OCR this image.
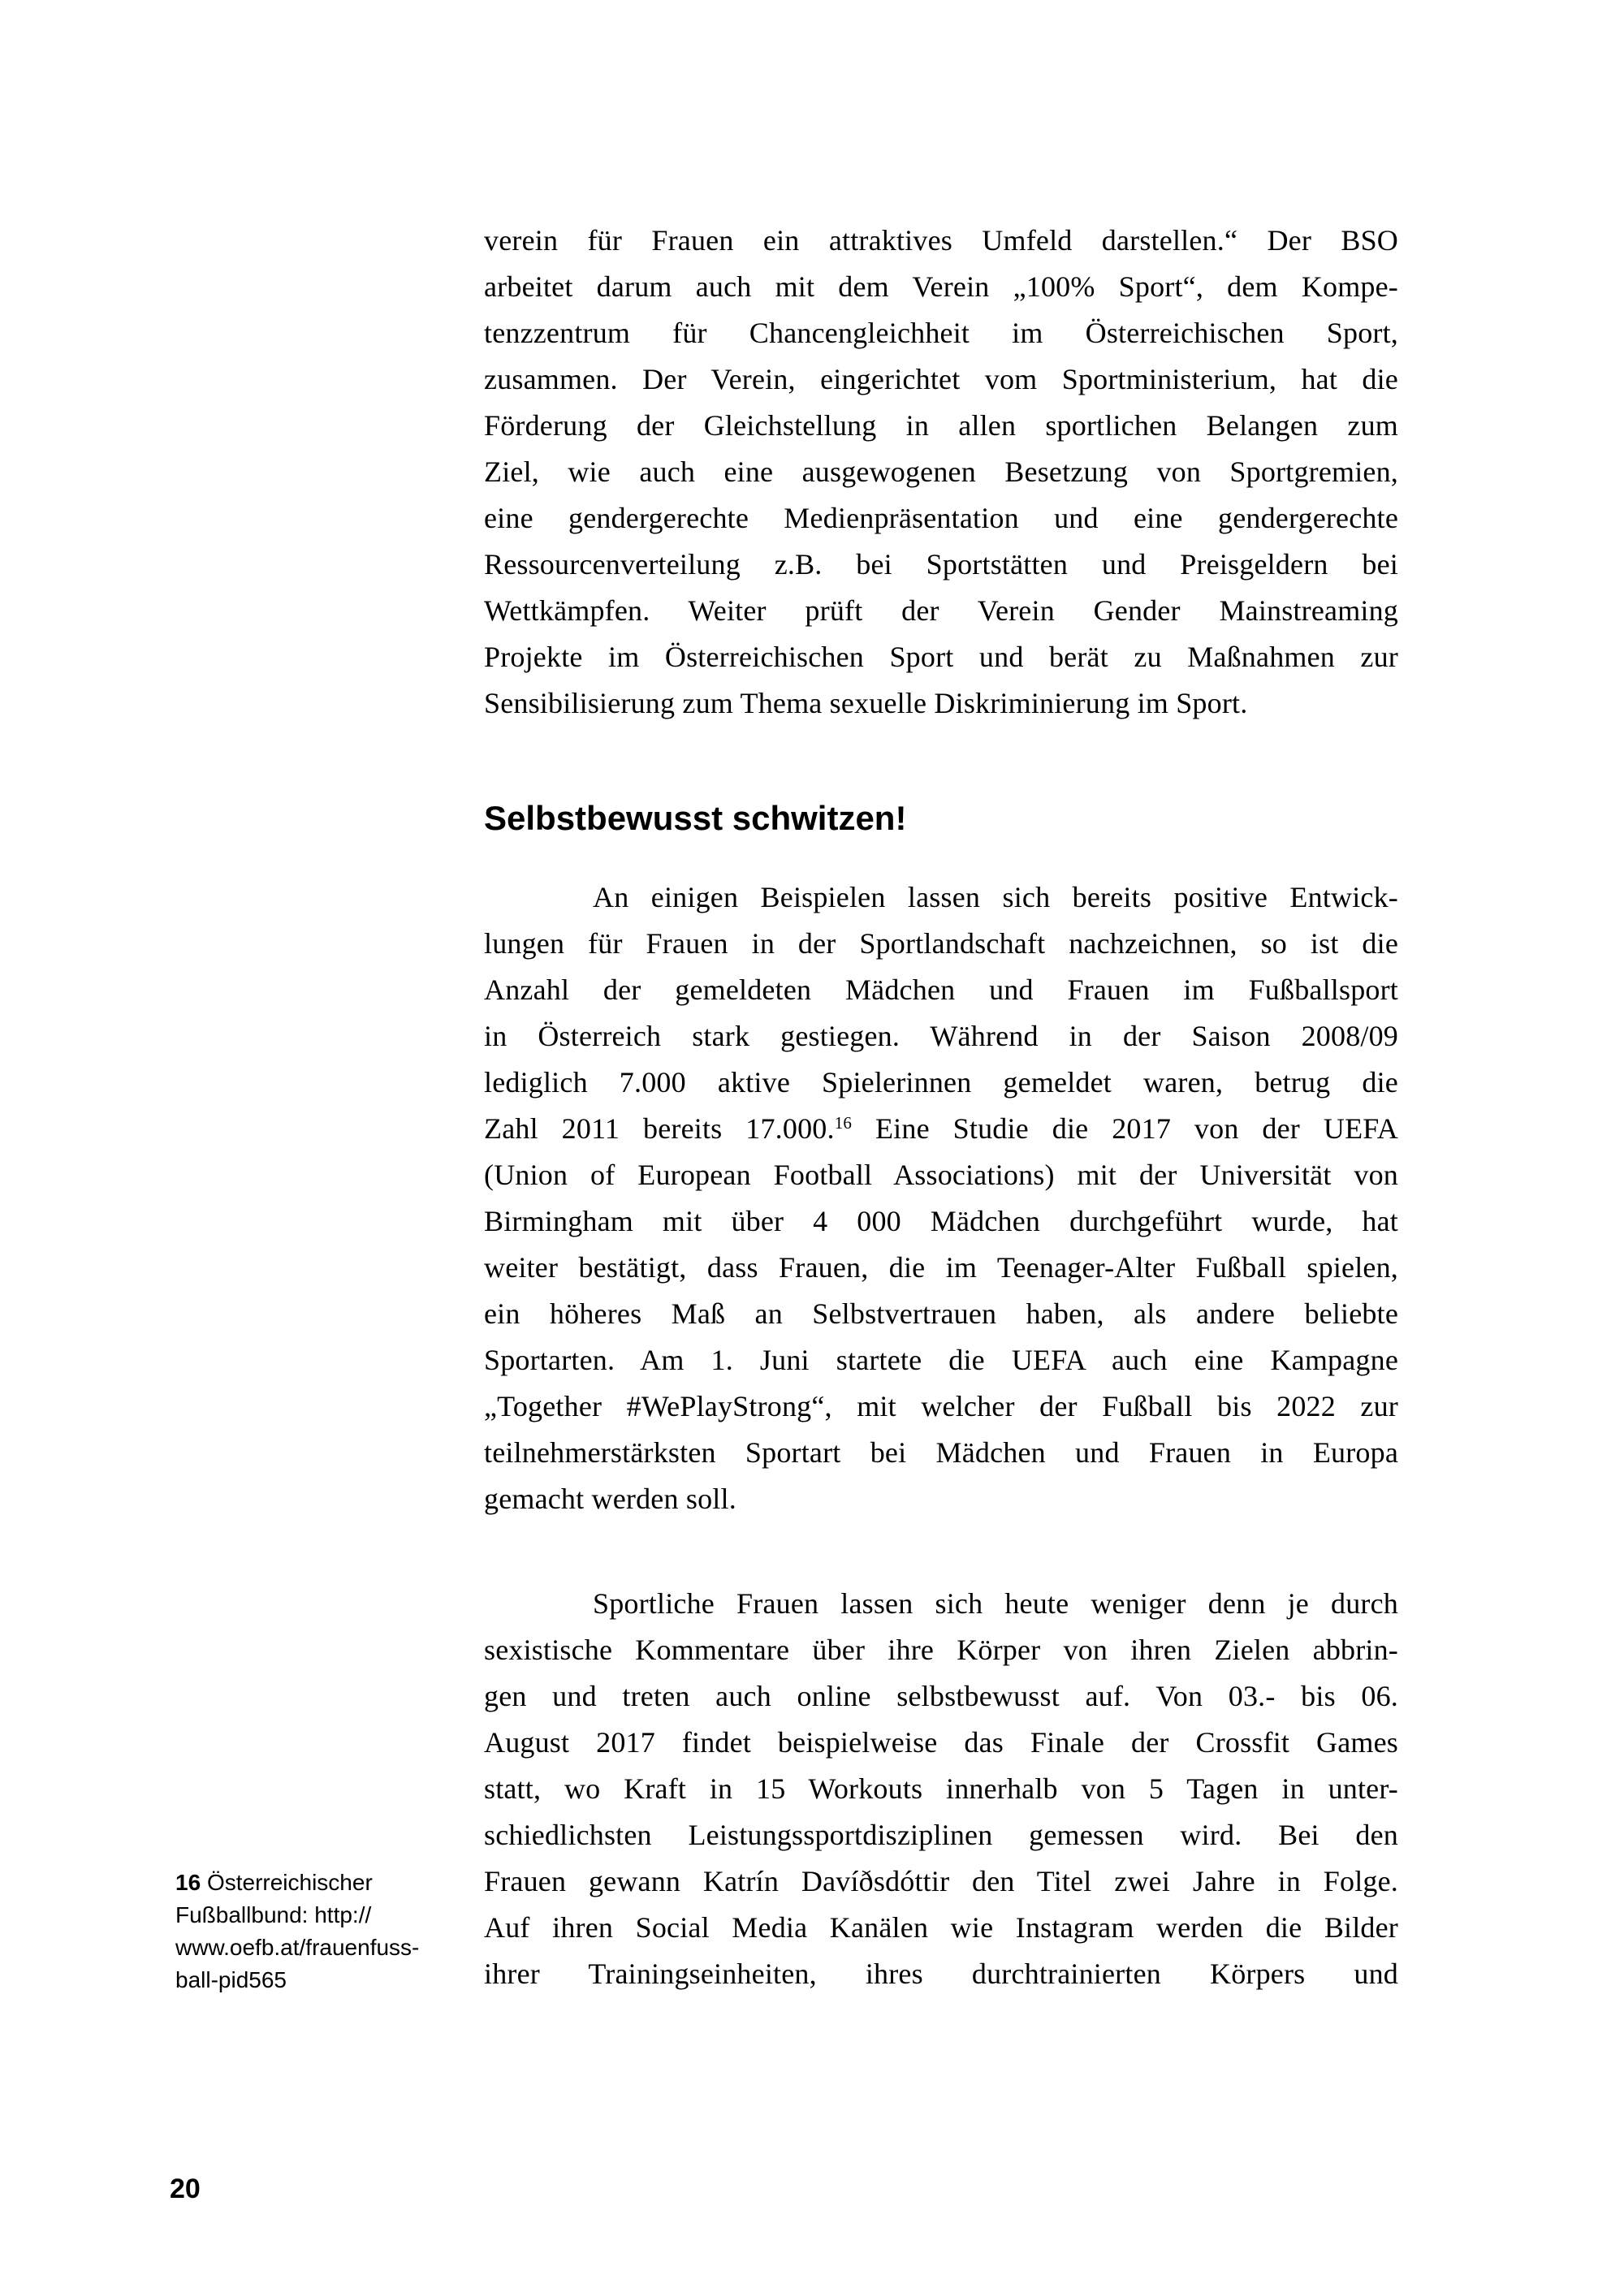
verein für Frauen ein attraktives Umfeld darstellen.“ Der BSO
arbeitet darum auch mit dem Verein „100% Sport“, dem Kompe-
tenzzentrum für Chancengleichheit im Österreichischen Sport,
zusammen. Der Verein, eingerichtet vom Sportministerium, hat die
Förderung der Gleichstellung in allen sportlichen Belangen zum
Ziel, wie auch eine ausgewogenen Besetzung von Sportgremien,
eine gendergerechte Medienpräsentation und eine gendergerechte
Ressourcenverteilung z.B. bei Sportstätten und Preisgeldern bei
Wettkämpfen. Weiter prüft der Verein Gender Mainstreaming
Projekte im Österreichischen Sport und berät zu Maßnahmen zur
Sensibilisierung zum Thema sexuelle Diskriminierung im Sport.
Selbstbewusst schwitzen!
An einigen Beispielen lassen sich bereits positive Entwick-
lungen für Frauen in der Sportlandschaft nachzeichnen, so ist die
Anzahl der gemeldeten Mädchen und Frauen im Fußballsport
in Österreich stark gestiegen. Während in der Saison 2008/09
lediglich 7.000 aktive Spielerinnen gemeldet waren, betrug die
Zahl 2011 bereits 17.000.16 Eine Studie die 2017 von der UEFA
(Union of European Football Associations) mit der Universität von
Birmingham mit über 4 000 Mädchen durchgeführt wurde, hat
weiter bestätigt, dass Frauen, die im Teenager-Alter Fußball spielen,
ein höheres Maß an Selbstvertrauen haben, als andere beliebte
Sportarten. Am 1. Juni startete die UEFA auch eine Kampagne
„Together #WePlayStrong“, mit welcher der Fußball bis 2022 zur
teilnehmerstärksten Sportart bei Mädchen und Frauen in Europa
gemacht werden soll.
Sportliche Frauen lassen sich heute weniger denn je durch
sexistische Kommentare über ihre Körper von ihren Zielen abbrin-
gen und treten auch online selbstbewusst auf. Von 03.- bis 06.
August 2017 findet beispielweise das Finale der Crossfit Games
statt, wo Kraft in 15 Workouts innerhalb von 5 Tagen in unter-
schiedlichsten Leistungssportdisziplinen gemessen wird. Bei den
Frauen gewann Katrín Davíðsdóttir den Titel zwei Jahre in Folge.
Auf ihren Social Media Kanälen wie Instagram werden die Bilder
ihrer Trainingseinheiten, ihres durchtrainierten Körpers und
16 Österreichischer
Fußballbund: http://
www.oefb.at/frauenfuss-
ball-pid565
20
